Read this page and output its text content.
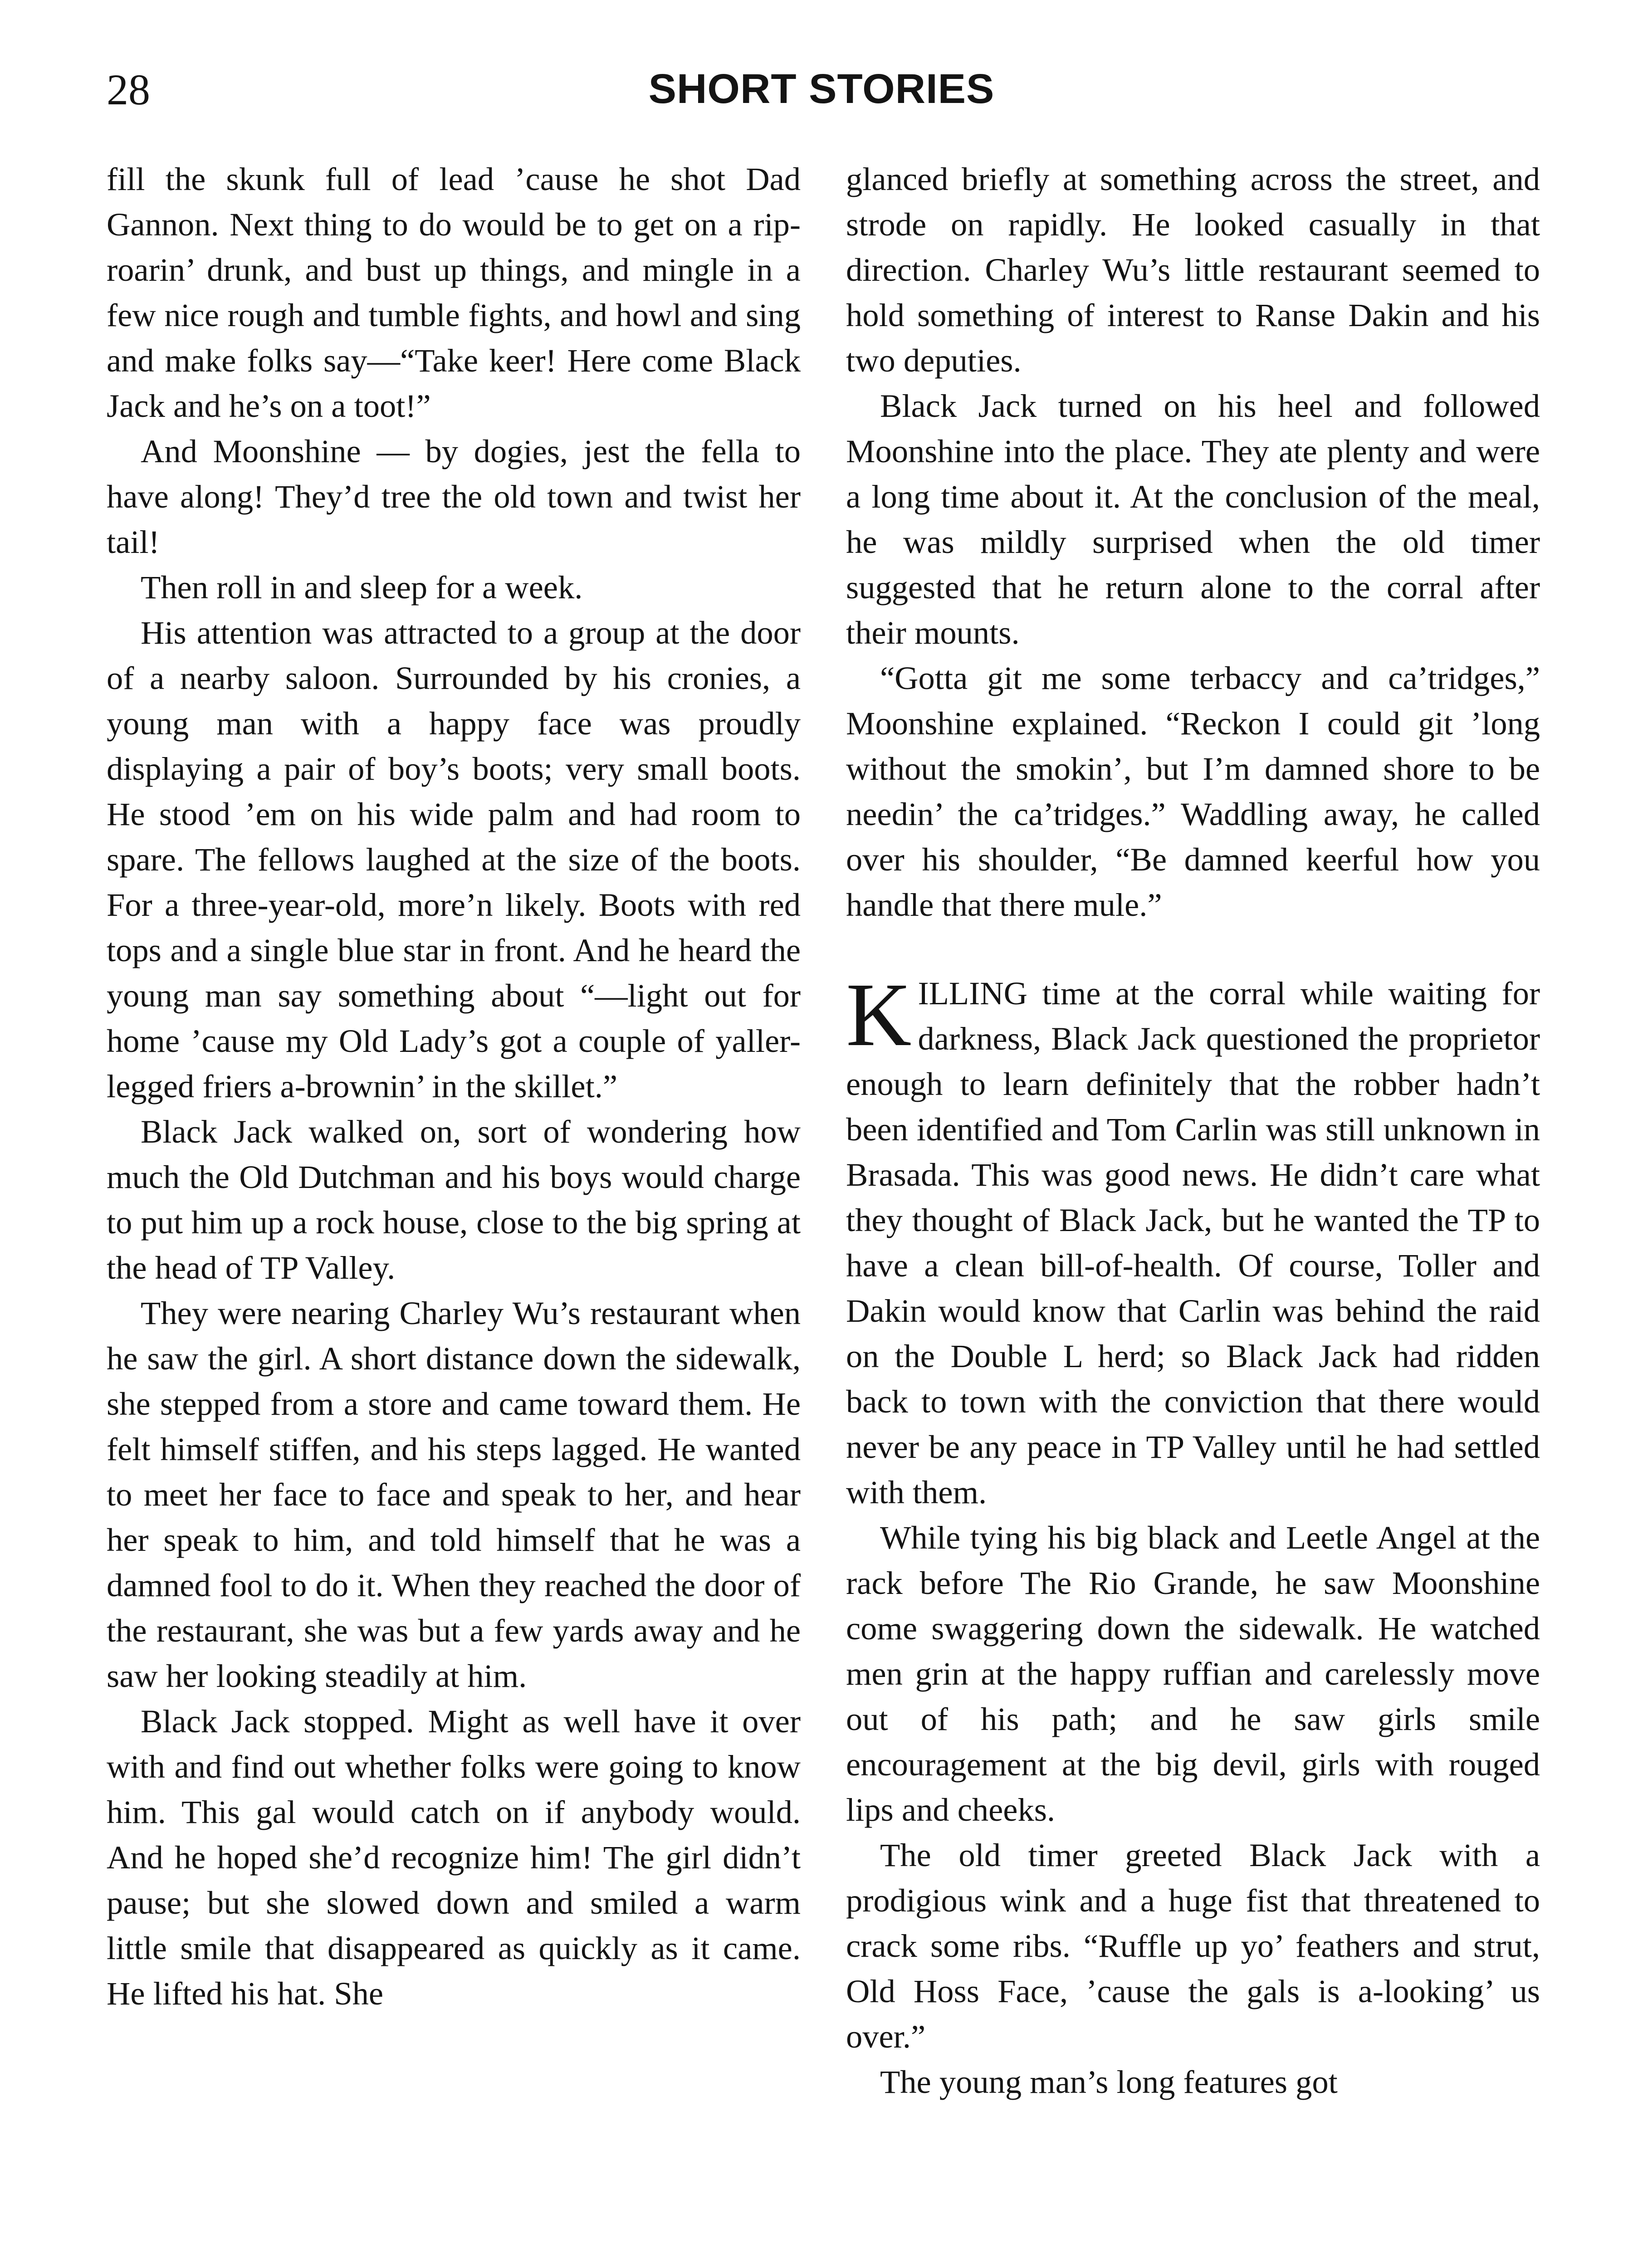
28	SHORT STORIES

fill the skunk full of lead ’cause he shot Dad Gannon. Next thing to do would be to get on a rip-roarin’ drunk, and bust up things, and mingle in a few nice rough and tumble fights, and howl and sing and make folks say—“Take keer! Here come Black Jack and he’s on a toot!”

And Moonshine — by dogies, jest the fella to have along! They’d tree the old town and twist her tail!

Then roll in and sleep for a week.

His attention was attracted to a group at the door of a nearby saloon. Surrounded by his cronies, a young man with a happy face was proudly displaying a pair of boy’s boots; very small boots. He stood ’em on his wide palm and had room to spare. The fellows laughed at the size of the boots. For a three-year-old, more’n likely. Boots with red tops and a single blue star in front. And he heard the young man say something about “—light out for home ’cause my Old Lady’s got a couple of yaller-legged friers a-brownin’ in the skillet.”

Black Jack walked on, sort of wondering how much the Old Dutchman and his boys would charge to put him up a rock house, close to the big spring at the head of TP Valley.

They were nearing Charley Wu’s restaurant when he saw the girl. A short distance down the sidewalk, she stepped from a store and came toward them. He felt himself stiffen, and his steps lagged. He wanted to meet her face to face and speak to her, and hear her speak to him, and told himself that he was a damned fool to do it. When they reached the door of the restaurant, she was but a few yards away and he saw her looking steadily at him.

Black Jack stopped. Might as well have it over with and find out whether folks were going to know him. This gal would catch on if anybody would. And he hoped she’d recognize him! The girl didn’t pause; but she slowed down and smiled a warm little smile that disappeared as quickly as it came. He lifted his hat. She

glanced briefly at something across the street, and strode on rapidly. He looked casually in that direction. Charley Wu’s little restaurant seemed to hold something of interest to Ranse Dakin and his two deputies.

Black Jack turned on his heel and followed Moonshine into the place. They ate plenty and were a long time about it. At the conclusion of the meal, he was mildly surprised when the old timer suggested that he return alone to the corral after their mounts.

“Gotta git me some terbaccy and ca’tridges,” Moonshine explained. “Reckon I could git ’long without the smokin’, but I’m damned shore to be needin’ the ca’tridges.” Waddling away, he called over his shoulder, “Be damned keerful how you handle that there mule.”

KILLING time at the corral while waiting for darkness, Black Jack questioned the proprietor enough to learn definitely that the robber hadn’t been identified and Tom Carlin was still unknown in Brasada. This was good news. He didn’t care what they thought of Black Jack, but he wanted the TP to have a clean bill-of-health. Of course, Toller and Dakin would know that Carlin was behind the raid on the Double L herd; so Black Jack had ridden back to town with the conviction that there would never be any peace in TP Valley until he had settled with them.

While tying his big black and Leetle Angel at the rack before The Rio Grande, he saw Moonshine come swaggering down the sidewalk. He watched men grin at the happy ruffian and carelessly move out of his path; and he saw girls smile encouragement at the big devil, girls with rouged lips and cheeks.

The old timer greeted Black Jack with a prodigious wink and a huge fist that threatened to crack some ribs. “Ruffle up yo’ feathers and strut, Old Hoss Face, ’cause the gals is a-looking’ us over.”

The young man’s long features got
